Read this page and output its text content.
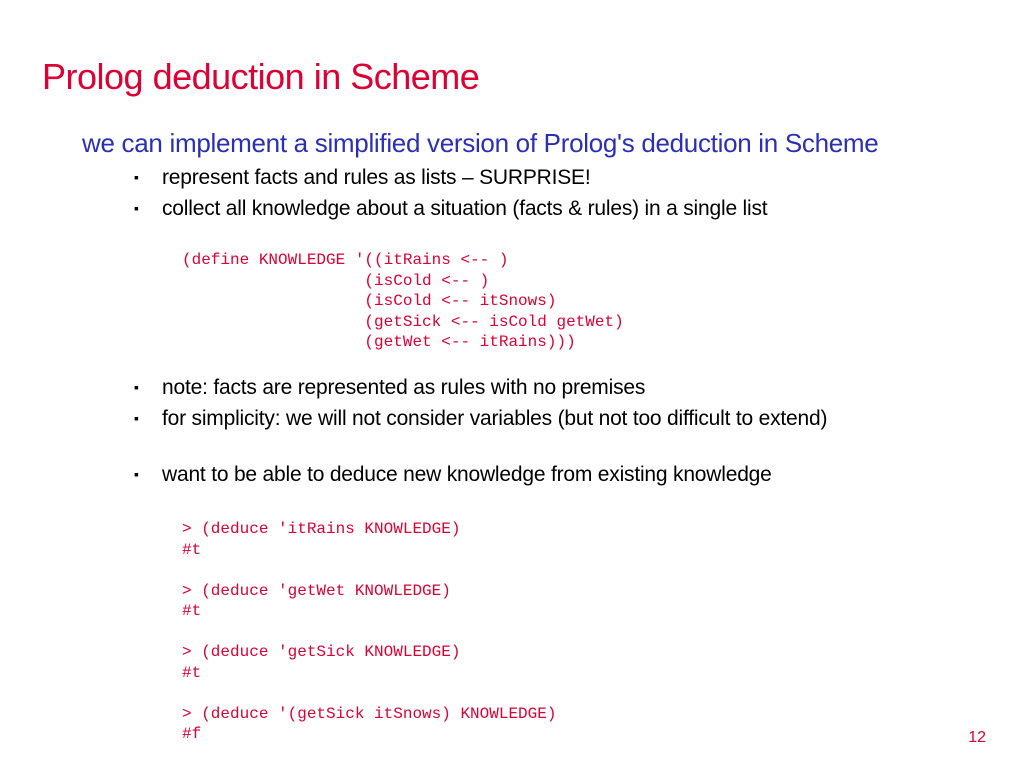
Prolog deduction in Scheme
we can implement a simplified version of Prolog's deduction in Scheme
▪ represent facts and rules as lists – SURPRISE!
▪ collect all knowledge about a situation (facts & rules) in a single list
(define KNOWLEDGE '((itRains <-- )
(isCold <-- )
(isCold <-- itSnows)
(getSick <-- isCold getWet)
(getWet <-- itRains)))
▪ note: facts are represented as rules with no premises
▪ for simplicity: we will not consider variables (but not too difficult to extend)
▪ want to be able to deduce new knowledge from existing knowledge
> (deduce 'itRains KNOWLEDGE)
#t

> (deduce 'getWet KNOWLEDGE)
#t

> (deduce 'getSick KNOWLEDGE)
#t

> (deduce '(getSick itSnows) KNOWLEDGE)
#f	12
